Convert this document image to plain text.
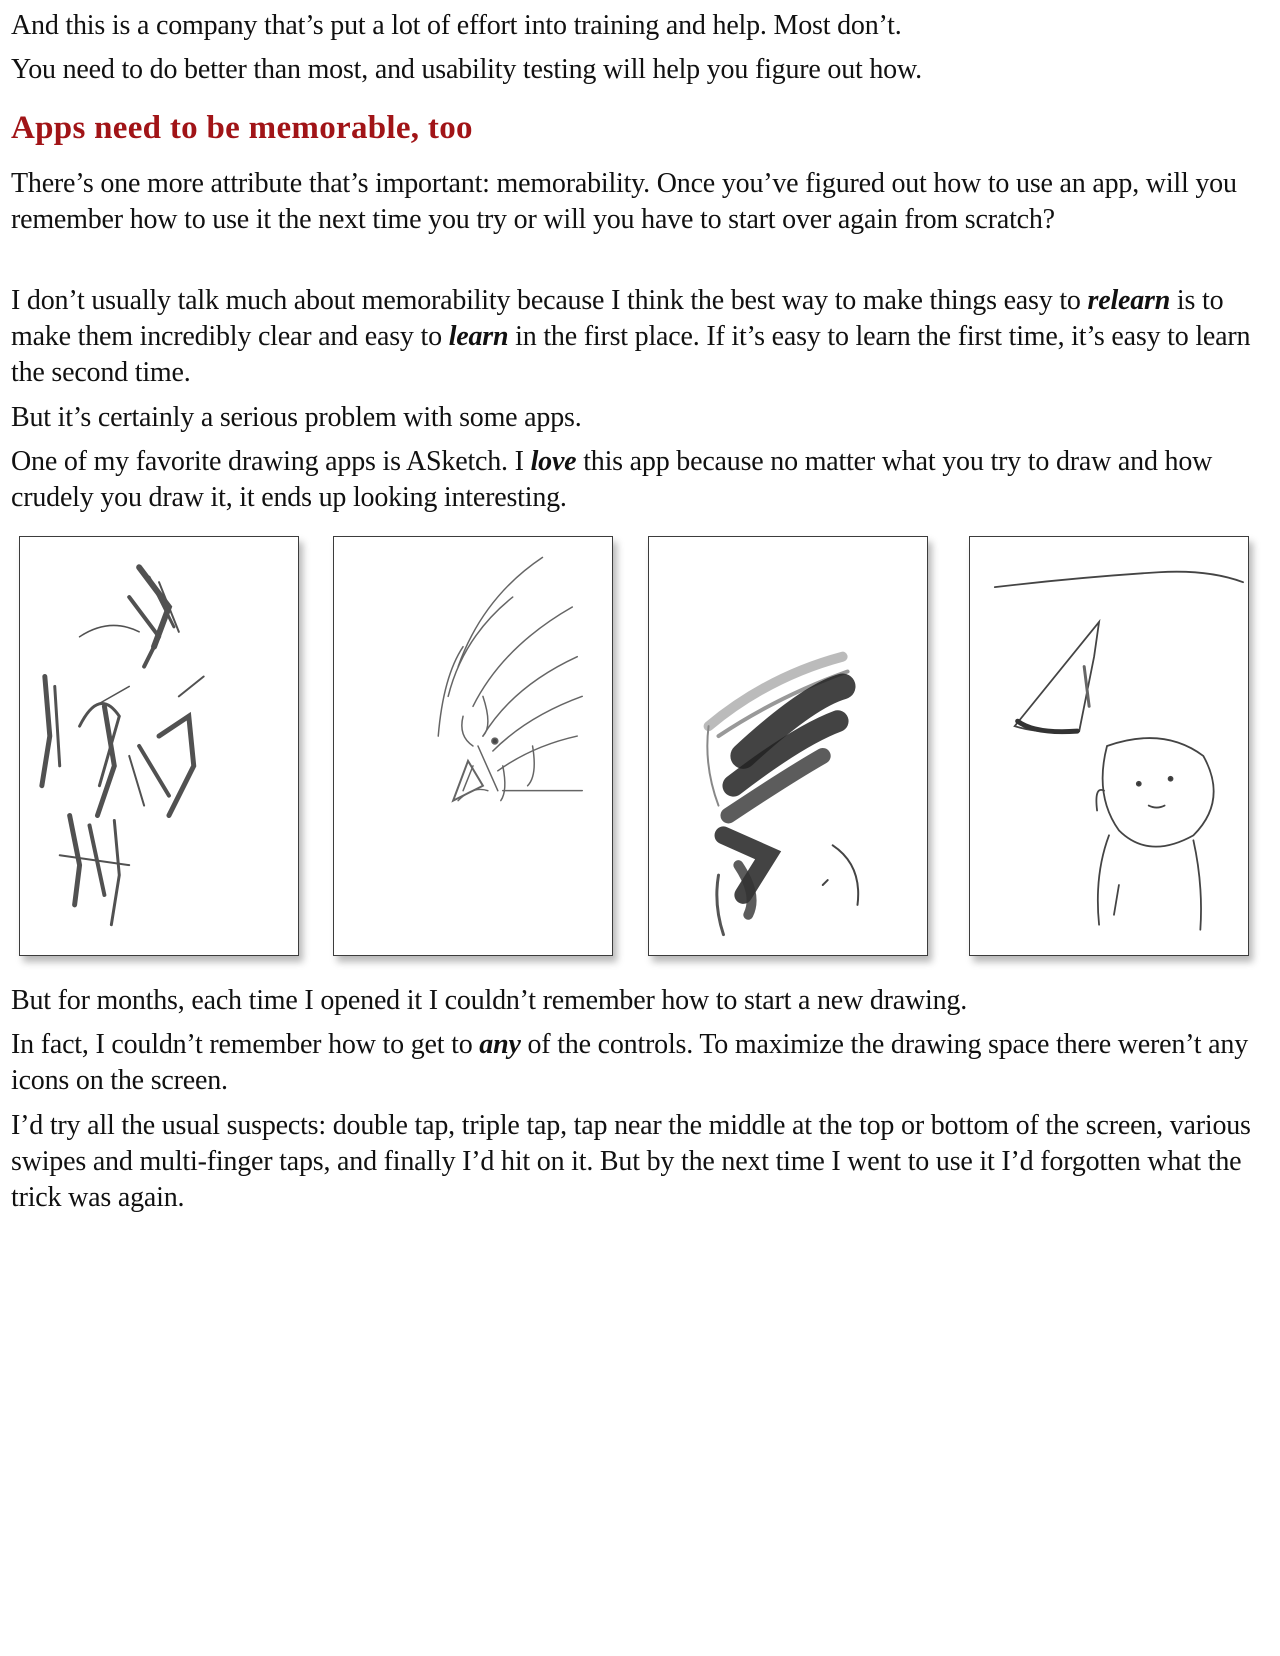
And this is a company that’s put a lot of effort into training and help. Most don’t.

You need to do better than most, and usability testing will help you figure out how.

Apps need to be memorable, too

There’s one more attribute that’s important: memorability. Once you’ve figured out how to use an app, will you remember how to use it the next time you try or will you have to start over again from scratch?

I don’t usually talk much about memorability because I think the best way to make things easy to relearn is to make them incredibly clear and easy to learn in the first place. If it’s easy to learn the first time, it’s easy to learn the second time.

But it’s certainly a serious problem with some apps.

One of my favorite drawing apps is ASketch. I love this app because no matter what you try to draw and how crudely you draw it, it ends up looking interesting.

But for months, each time I opened it I couldn’t remember how to start a new drawing.

In fact, I couldn’t remember how to get to any of the controls. To maximize the drawing space there weren’t any icons on the screen.

I’d try all the usual suspects: double tap, triple tap, tap near the middle at the top or bottom of the screen, various swipes and multi-finger taps, and finally I’d hit on it. But by the next time I went to use it I’d forgotten what the trick was again.
